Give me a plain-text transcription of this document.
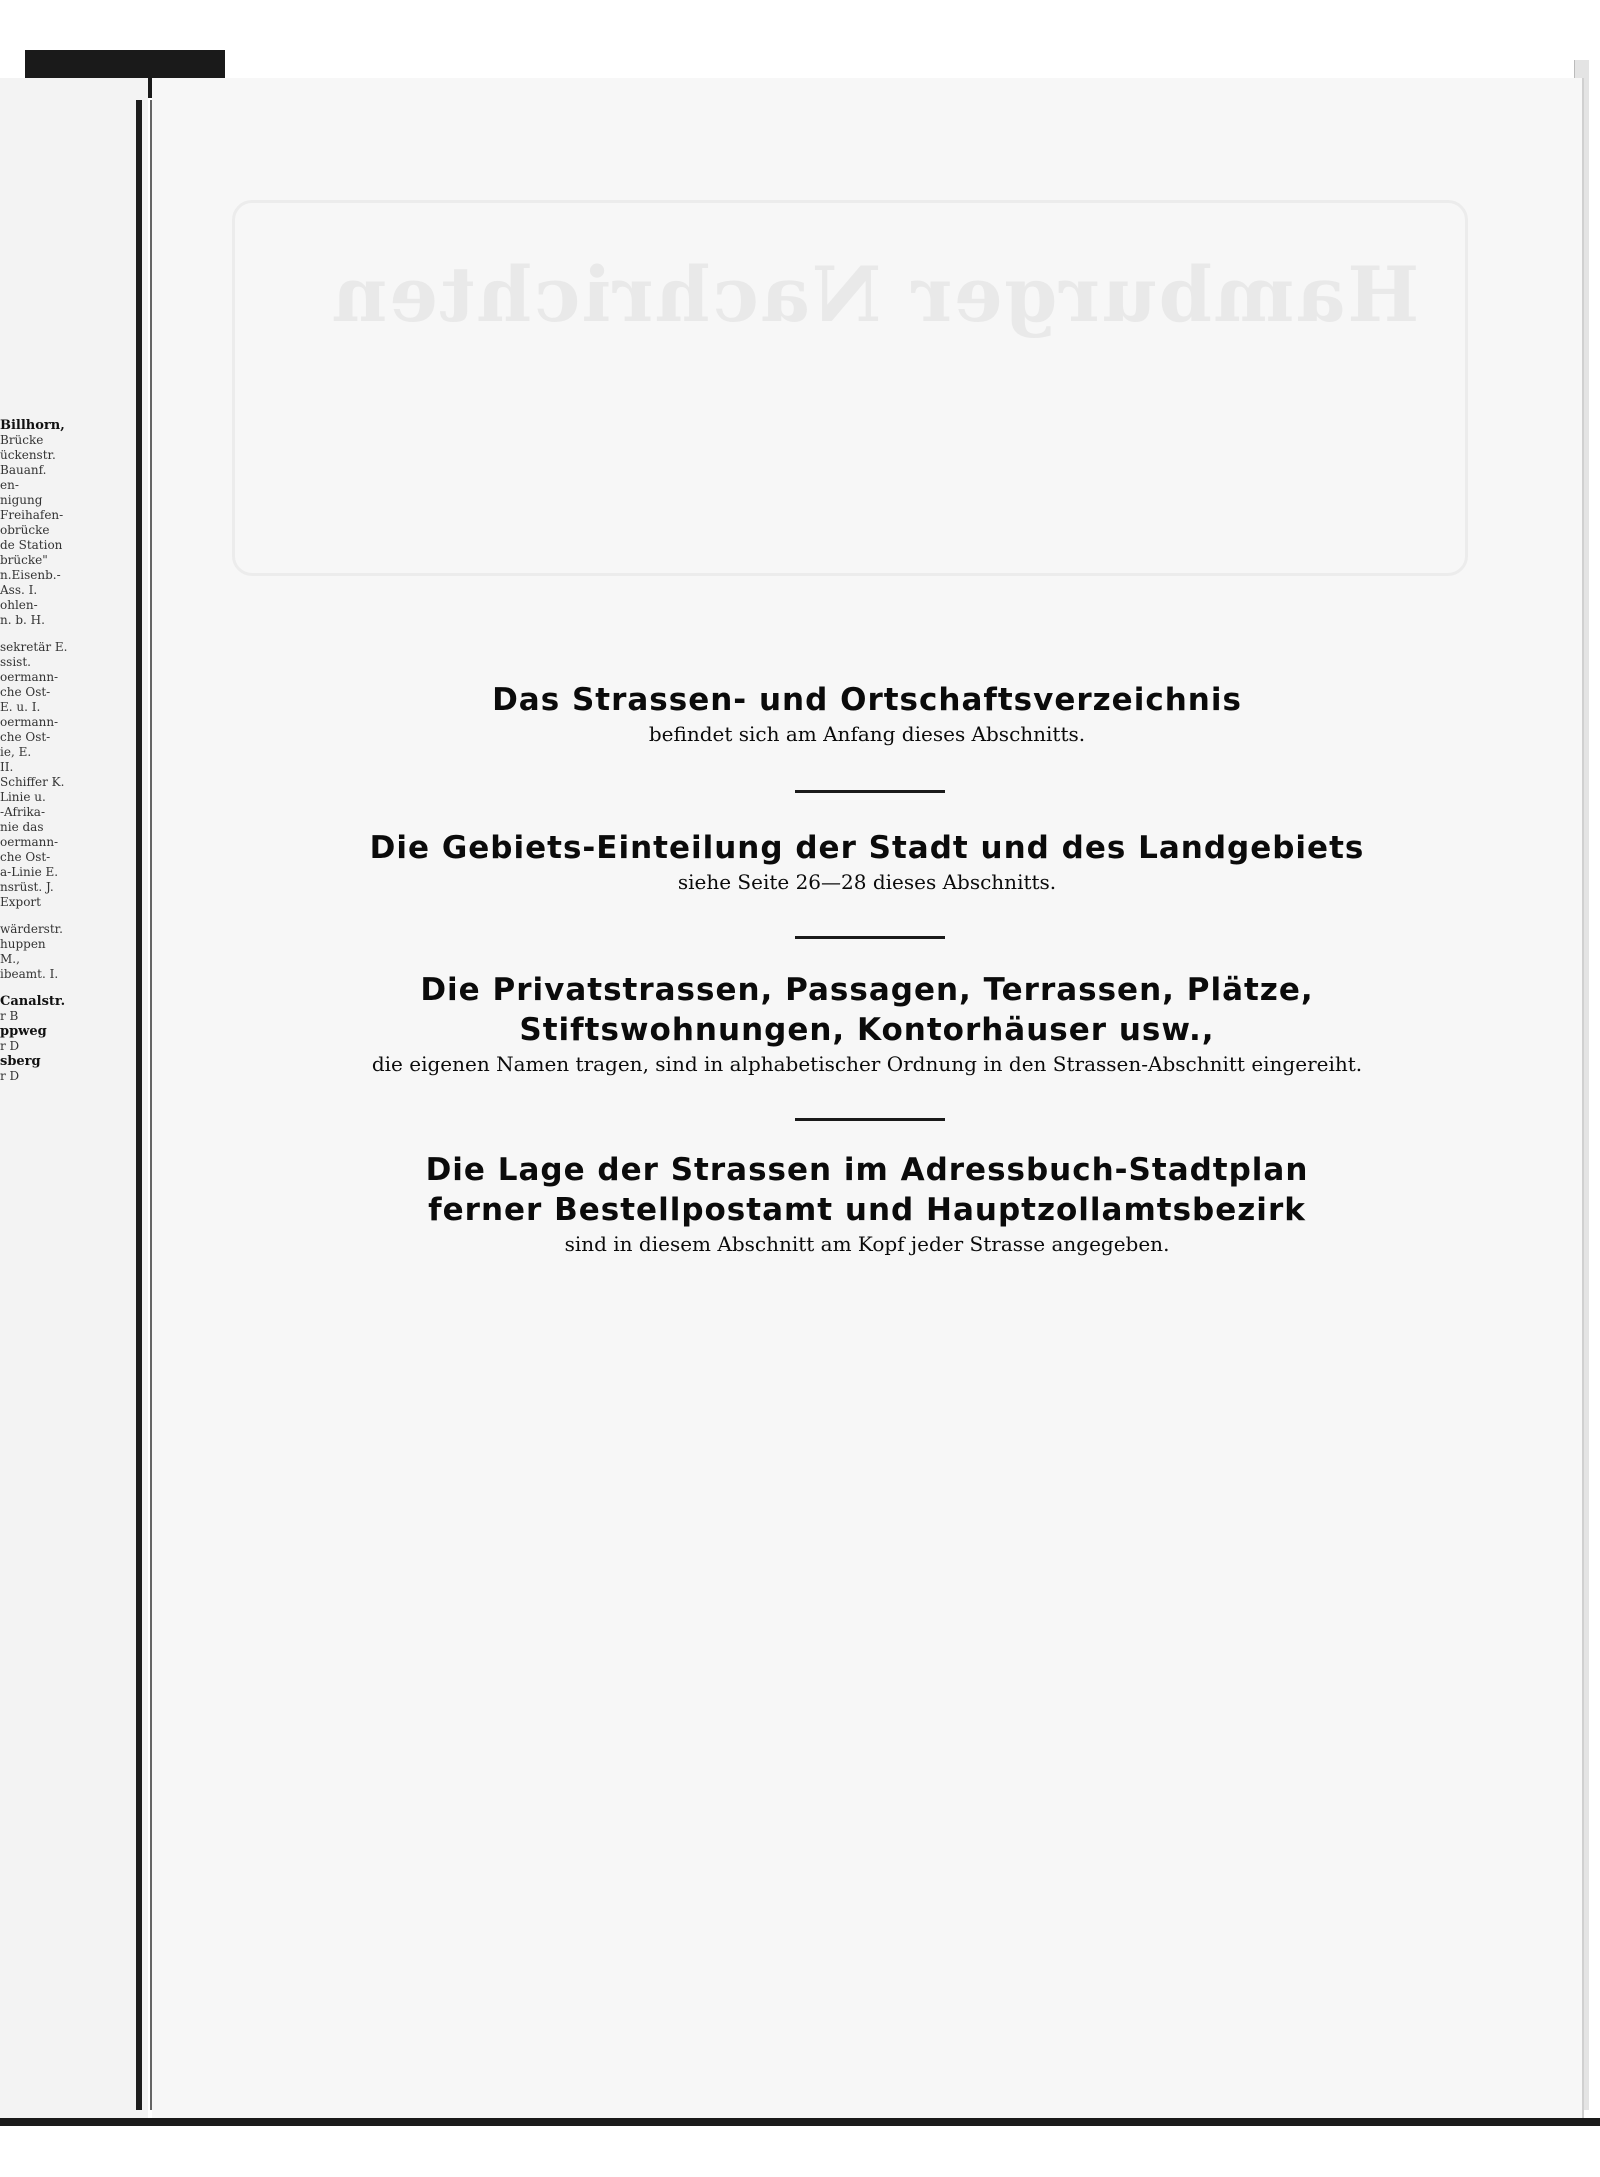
Billhorn,
Brücke
ückenstr.
Bauanf.
en-
nigung
Freihafen-
obrücke
de Station
brücke"
n.Eisenb.-
Ass. I.
ohlen-
n. b. H.
sekretär E.
ssist.
oermann-
che Ost-
E. u. I.
oermann-
che Ost-
ie, E.
II.
Schiffer K.
Linie u.
-Afrika-
nie das
oermann-
che Ost-
a-Linie E.
nsrüst. J.
Export
wärderstr.
huppen
M.,
ibeamt. I.
Canalstr.
r B
ppweg
r D
sberg
r D
Hamburger Nachrichten
Das Strassen- und Ortschaftsverzeichnis
befindet sich am Anfang dieses Abschnitts.
Die Gebiets-Einteilung der Stadt und des Landgebiets
siehe Seite 26—28 dieses Abschnitts.
Die Privatstrassen, Passagen, Terrassen, Plätze,
Stiftswohnungen, Kontorhäuser usw.,
die eigenen Namen tragen, sind in alphabetischer Ordnung in den Strassen-Abschnitt eingereiht.
Die Lage der Strassen im Adressbuch-Stadtplan
ferner Bestellpostamt und Hauptzollamtsbezirk
sind in diesem Abschnitt am Kopf jeder Strasse angegeben.
